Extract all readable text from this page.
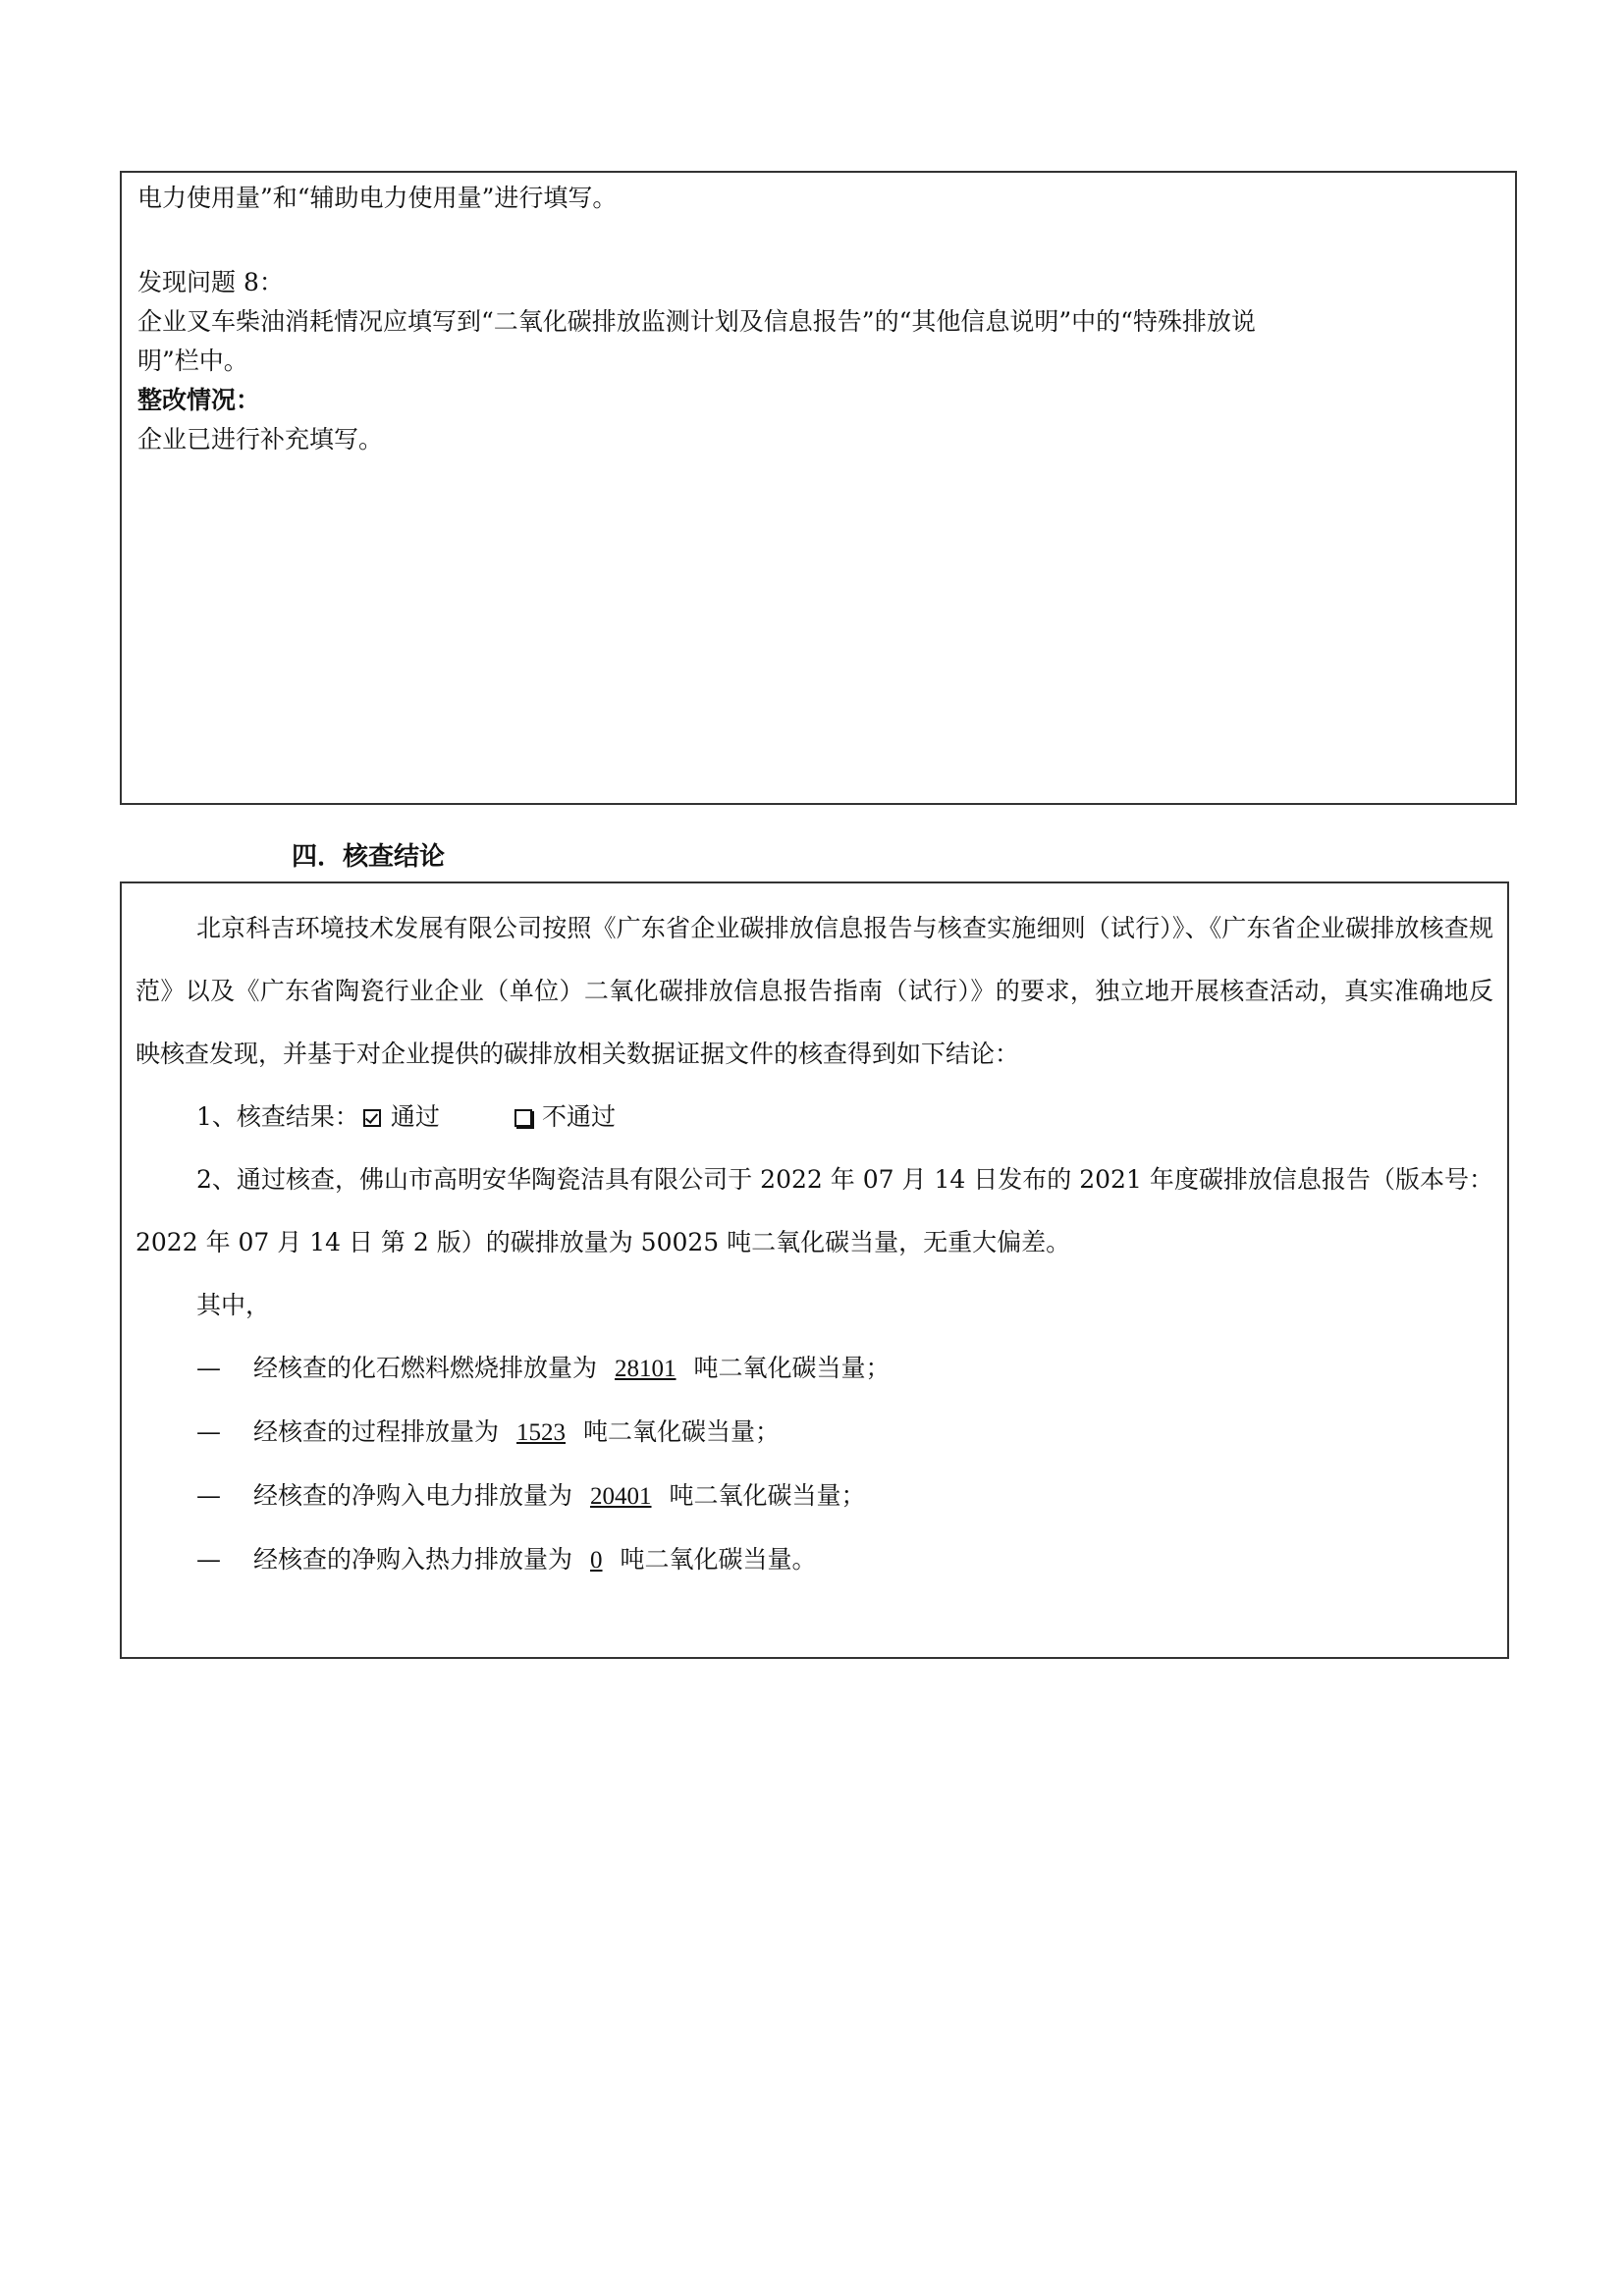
电力使用量”和“辅助电力使用量”进行填写。

发现问题 8：

企业叉车柴油消耗情况应填写到“二氧化碳排放监测计划及信息报告”的“其他信息说明”中的“特殊排放说

明”栏中。

整改情况：

企业已进行补充填写。

四．核查结论

北京科吉环境技术发展有限公司按照《广东省企业碳排放信息报告与核查实施细则（试行）》、《广东省企业碳排放核查规范》以及《广东省陶瓷行业企业（单位）二氧化碳排放信息报告指南（试行）》的要求，独立地开展核查活动，真实准确地反映核查发现，并基于对企业提供的碳排放相关数据证据文件的核查得到如下结论：

1、核查结果： 通过	不通过

2、通过核查，佛山市高明安华陶瓷洁具有限公司于 2022 年 07 月 14 日发布的 2021 年度碳排放信息报告（版本号：2022 年 07 月 14 日 第 2 版）的碳排放量为 50025 吨二氧化碳当量，无重大偏差。

其中，

— 经核查的化石燃料燃烧排放量为 28101 吨二氧化碳当量；

— 经核查的过程排放量为 1523 吨二氧化碳当量；

— 经核查的净购入电力排放量为 20401 吨二氧化碳当量；

— 经核查的净购入热力排放量为 0 吨二氧化碳当量。
